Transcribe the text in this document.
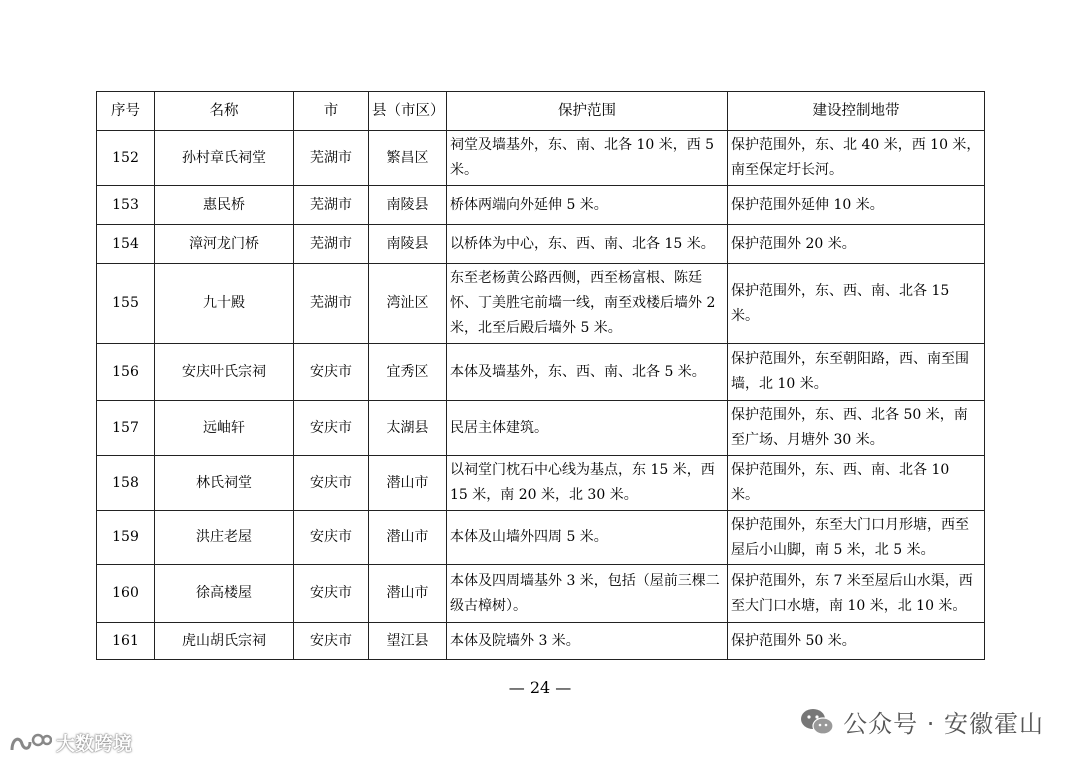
序号	名称	市	县（市区）	保护范围	建设控制地带
152	孙村章氏祠堂	芜湖市	繁昌区	祠堂及墙基外，东、南、北各 10 米，西 5 米。	保护范围外，东、北 40 米，西 10 米，南至保定圩长河。
153	惠民桥	芜湖市	南陵县	桥体两端向外延伸 5 米。	保护范围外延伸 10 米。
154	漳河龙门桥	芜湖市	南陵县	以桥体为中心，东、西、南、北各 15 米。	保护范围外 20 米。
155	九十殿	芜湖市	湾沚区	东至老杨黄公路西侧，西至杨富根、陈廷怀、丁美胜宅前墙一线，南至戏楼后墙外 2 米，北至后殿后墙外 5 米。	保护范围外，东、西、南、北各 15 米。
156	安庆叶氏宗祠	安庆市	宜秀区	本体及墙基外，东、西、南、北各 5 米。	保护范围外，东至朝阳路，西、南至围墙，北 10 米。
157	远岫轩	安庆市	太湖县	民居主体建筑。	保护范围外，东、西、北各 50 米，南至广场、月塘外 30 米。
158	林氏祠堂	安庆市	潜山市	以祠堂门枕石中心线为基点，东 15 米，西 15 米，南 20 米，北 30 米。	保护范围外，东、西、南、北各 10 米。
159	洪庄老屋	安庆市	潜山市	本体及山墙外四周 5 米。	保护范围外，东至大门口月形塘，西至屋后小山脚，南 5 米，北 5 米。
160	徐高楼屋	安庆市	潜山市	本体及四周墙基外 3 米，包括（屋前三棵二级古樟树）。	保护范围外，东 7 米至屋后山水渠，西至大门口水塘，南 10 米，北 10 米。
161	虎山胡氏宗祠	安庆市	望江县	本体及院墙外 3 米。	保护范围外 50 米。
— 24 —
公众号 · 安徽霍山
大数跨境
